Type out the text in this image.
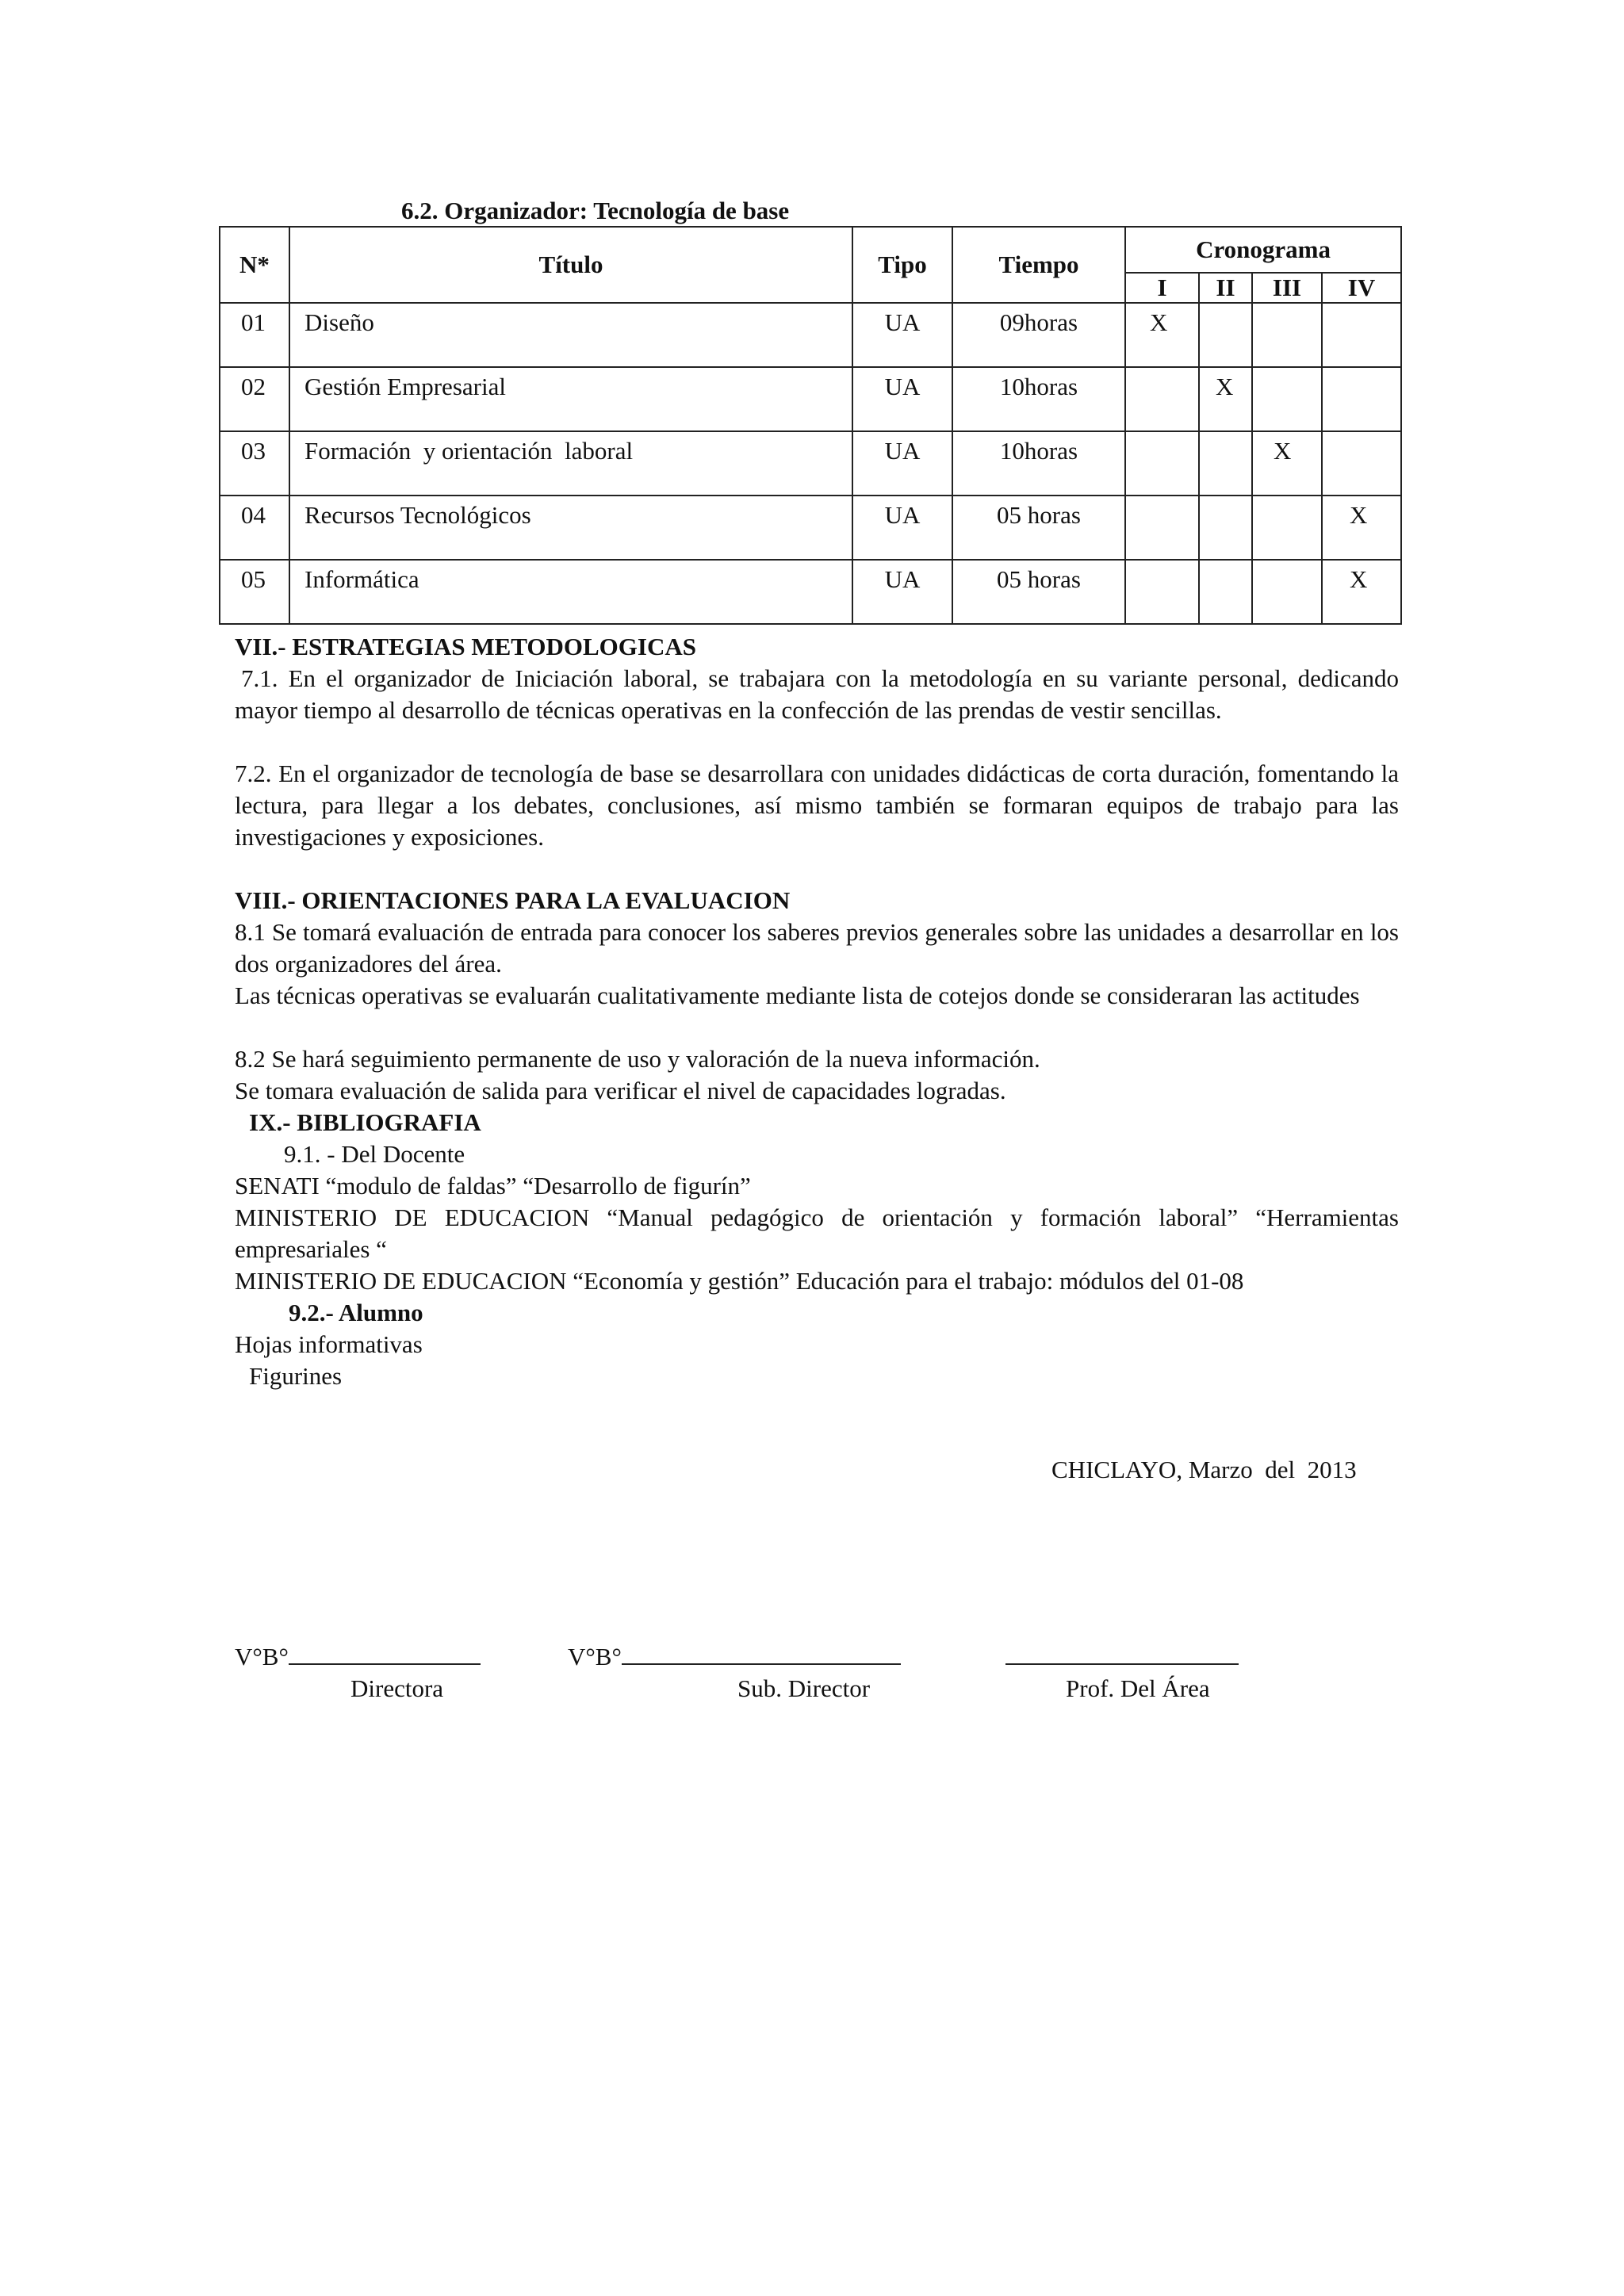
6.2. Organizador: Tecnología de base

N*	Título	Tipo	Tiempo	Cronograma			
				I	II	III	IV
01	Diseño	UA	09horas	X			
02	Gestión Empresarial	UA	10horas		X		
03	Formación  y orientación  laboral	UA	10horas			X	
04	Recursos Tecnológicos	UA	05 horas				X
05	Informática	UA	05 horas				X

VII.- ESTRATEGIAS METODOLOGICAS

7.1. En el organizador de Iniciación laboral, se trabajara con la metodología en su variante personal, dedicando mayor tiempo al desarrollo de técnicas operativas en la confección de las prendas de vestir sencillas.

7.2. En el organizador de tecnología de base se desarrollara con unidades didácticas de corta duración, fomentando la lectura, para llegar a los debates, conclusiones, así mismo también se formaran equipos de trabajo para las investigaciones y exposiciones.

VIII.- ORIENTACIONES PARA LA EVALUACION

8.1 Se tomará evaluación de entrada para conocer los saberes previos generales sobre las unidades a desarrollar en los dos organizadores del área.

Las técnicas operativas se evaluarán cualitativamente mediante lista de cotejos donde se consideraran las actitudes

8.2 Se hará seguimiento permanente de uso y valoración de la nueva información.

Se tomara evaluación de salida para verificar el nivel de capacidades logradas.

IX.- BIBLIOGRAFIA

9.1. - Del Docente

SENATI “modulo de faldas” “Desarrollo de figurín”

MINISTERIO DE EDUCACION “Manual pedagógico de orientación y formación laboral” “Herramientas empresariales “

MINISTERIO DE EDUCACION “Economía y gestión” Educación para el trabajo: módulos del 01-08

9.2.- Alumno

Hojas informativas

Figurines

CHICLAYO, Marzo  del  2013

V°B°	V°B°

Directora	Sub. Director	Prof. Del Área
